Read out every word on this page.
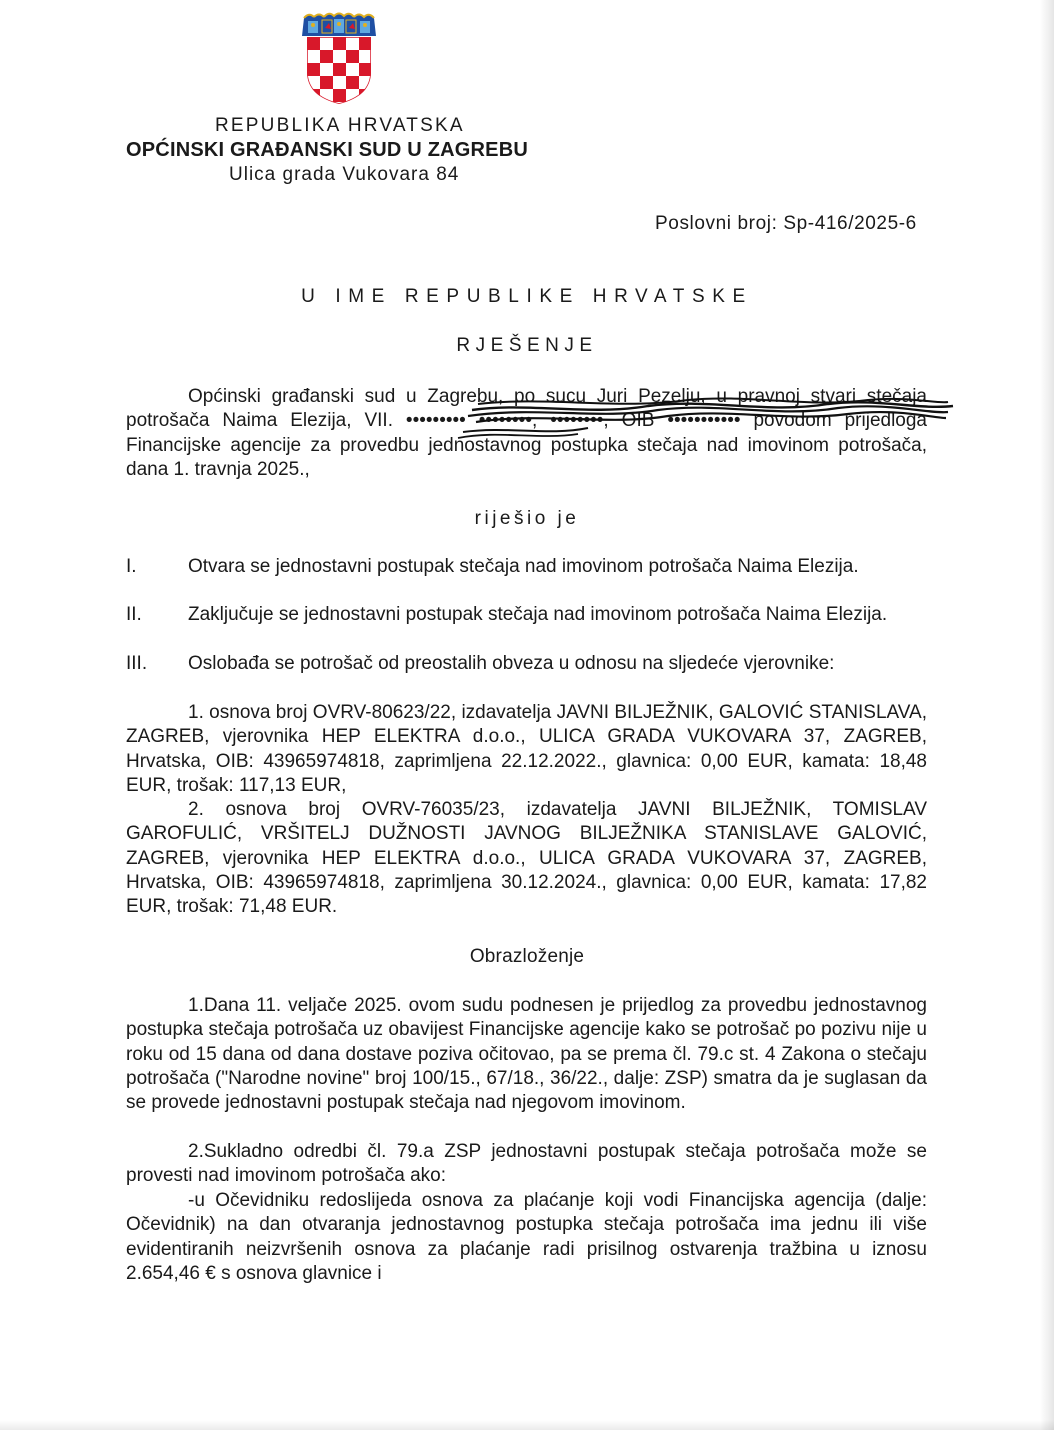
REPUBLIKA HRVATSKA
OPĆINSKI GRAĐANSKI SUD U ZAGREBU
Ulica grada Vukovara 84
Poslovni broj: Sp-416/2025-6
U IME REPUBLIKE HRVATSKE
RJEŠENJE
Općinski građanski sud u Zagrebu, po sucu Juri Pezelju, u pravnoj stvari stečaja potrošača Naima Elezija, VII. ••••••••• ••••••••, ••••••••, OIB ••••••••••• povodom prijedloga Financijske agencije za provedbu jednostavnog postupka stečaja nad imovinom potrošača, dana 1. travnja 2025.,
riješio je
I.	Otvara se jednostavni postupak stečaja nad imovinom potrošača Naima Elezija.
II.	Zaključuje se jednostavni postupak stečaja nad imovinom potrošača Naima Elezija.
III.	Oslobađa se potrošač od preostalih obveza u odnosu na sljedeće vjerovnike:
1. osnova broj OVRV-80623/22, izdavatelja JAVNI BILJEŽNIK, GALOVIĆ STANISLAVA, ZAGREB, vjerovnika HEP ELEKTRA d.o.o., ULICA GRADA VUKOVARA 37, ZAGREB, Hrvatska, OIB: 43965974818, zaprimljena 22.12.2022., glavnica: 0,00 EUR, kamata: 18,48 EUR, trošak: 117,13 EUR,
2. osnova broj OVRV-76035/23, izdavatelja JAVNI BILJEŽNIK, TOMISLAV GAROFULIĆ, VRŠITELJ DUŽNOSTI JAVNOG BILJEŽNIKA STANISLAVE GALOVIĆ, ZAGREB, vjerovnika HEP ELEKTRA d.o.o., ULICA GRADA VUKOVARA 37, ZAGREB, Hrvatska, OIB: 43965974818, zaprimljena 30.12.2024., glavnica: 0,00 EUR, kamata: 17,82 EUR, trošak: 71,48 EUR.
Obrazloženje
1.Dana 11. veljače 2025. ovom sudu podnesen je prijedlog za provedbu jednostavnog postupka stečaja potrošača uz obavijest Financijske agencije kako se potrošač po pozivu nije u roku od 15 dana od dana dostave poziva očitovao, pa se prema čl. 79.c st. 4 Zakona o stečaju potrošača ("Narodne novine" broj 100/15., 67/18., 36/22., dalje: ZSP) smatra da je suglasan da se provede jednostavni postupak stečaja nad njegovom imovinom.
2.Sukladno odredbi čl. 79.a ZSP jednostavni postupak stečaja potrošača može se provesti nad imovinom potrošača ako:
-u Očevidniku redoslijeda osnova za plaćanje koji vodi Financijska agencija (dalje: Očevidnik) na dan otvaranja jednostavnog postupka stečaja potrošača ima jednu ili više evidentiranih neizvršenih osnova za plaćanje radi prisilnog ostvarenja tražbina u iznosu 2.654,46 € s osnova glavnice i
